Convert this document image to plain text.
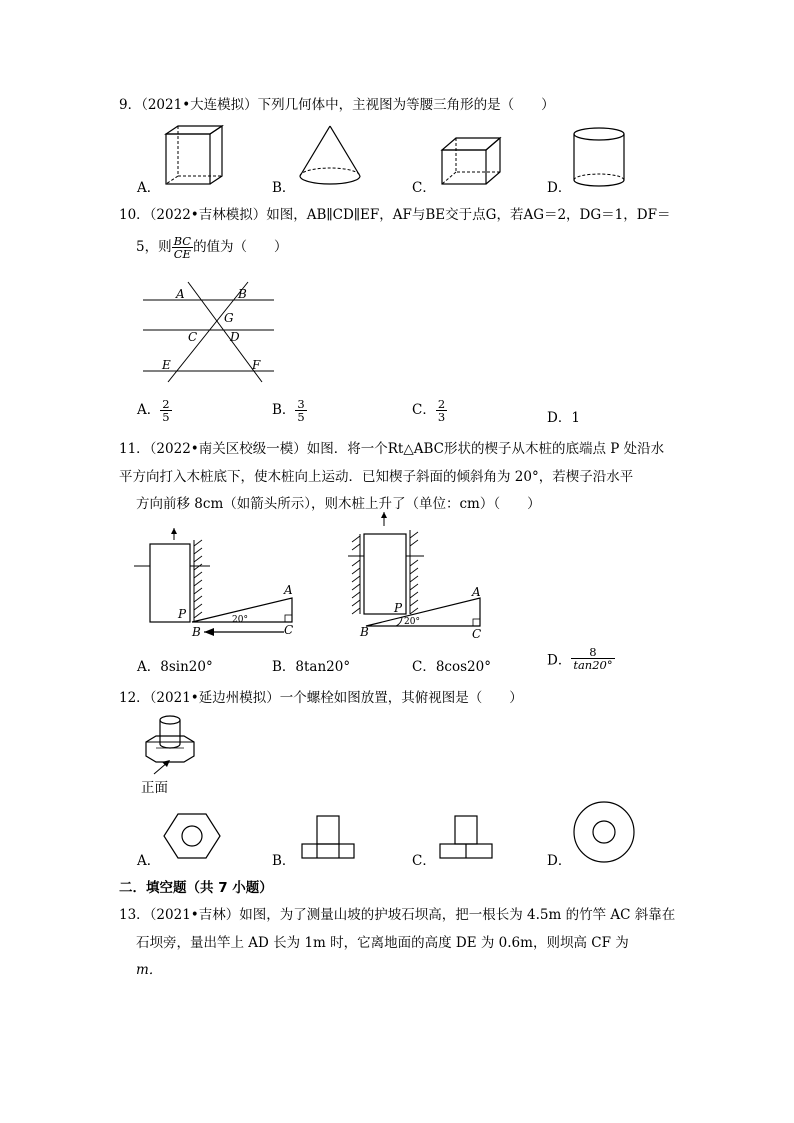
9．（2021•大连模拟）下列几何体中，主视图为等腰三角形的是（　　）
A．	B．	C．	D．
10．（2022•吉林模拟）如图，AB∥CD∥EF，AF与BE交于点G，若AG＝2，DG＝1，DF＝
5，则 $\frac{BC}{CE}$ 的值为（　　）
A	B
G
C	D
E	F
A． $\frac{2}{5}$	B． $\frac{3}{5}$	C． $\frac{2}{3}$	D．1
11．（2022•南关区校级一模）如图．将一个Rt△ABC形状的楔子从木桩的底端点 P 处沿水
平方向打入木桩底下，使木桩向上运动．已知楔子斜面的倾斜角为 20°，若楔子沿水平
方向前移 8cm（如箭头所示），则木桩上升了（单位：cm）（　　）
A
P
B	C
20°
A
P
B	C
20°
A．8sin20°	B．8tan20°	C．8cos20°	D． $\frac{8}{\tan 20^\circ}$
12．（2021•延边州模拟）一个螺栓如图放置，其俯视图是（　　）
正面
A．	B．	C．	D．
二．填空题（共 7 小题）
13．（2021•吉林）如图，为了测量山坡的护坡石坝高，把一根长为 4.5m 的竹竿 AC 斜靠在
石坝旁，量出竿上 AD 长为 1m 时，它离地面的高度 DE 为 0.6m，则坝高 CF 为
m．
